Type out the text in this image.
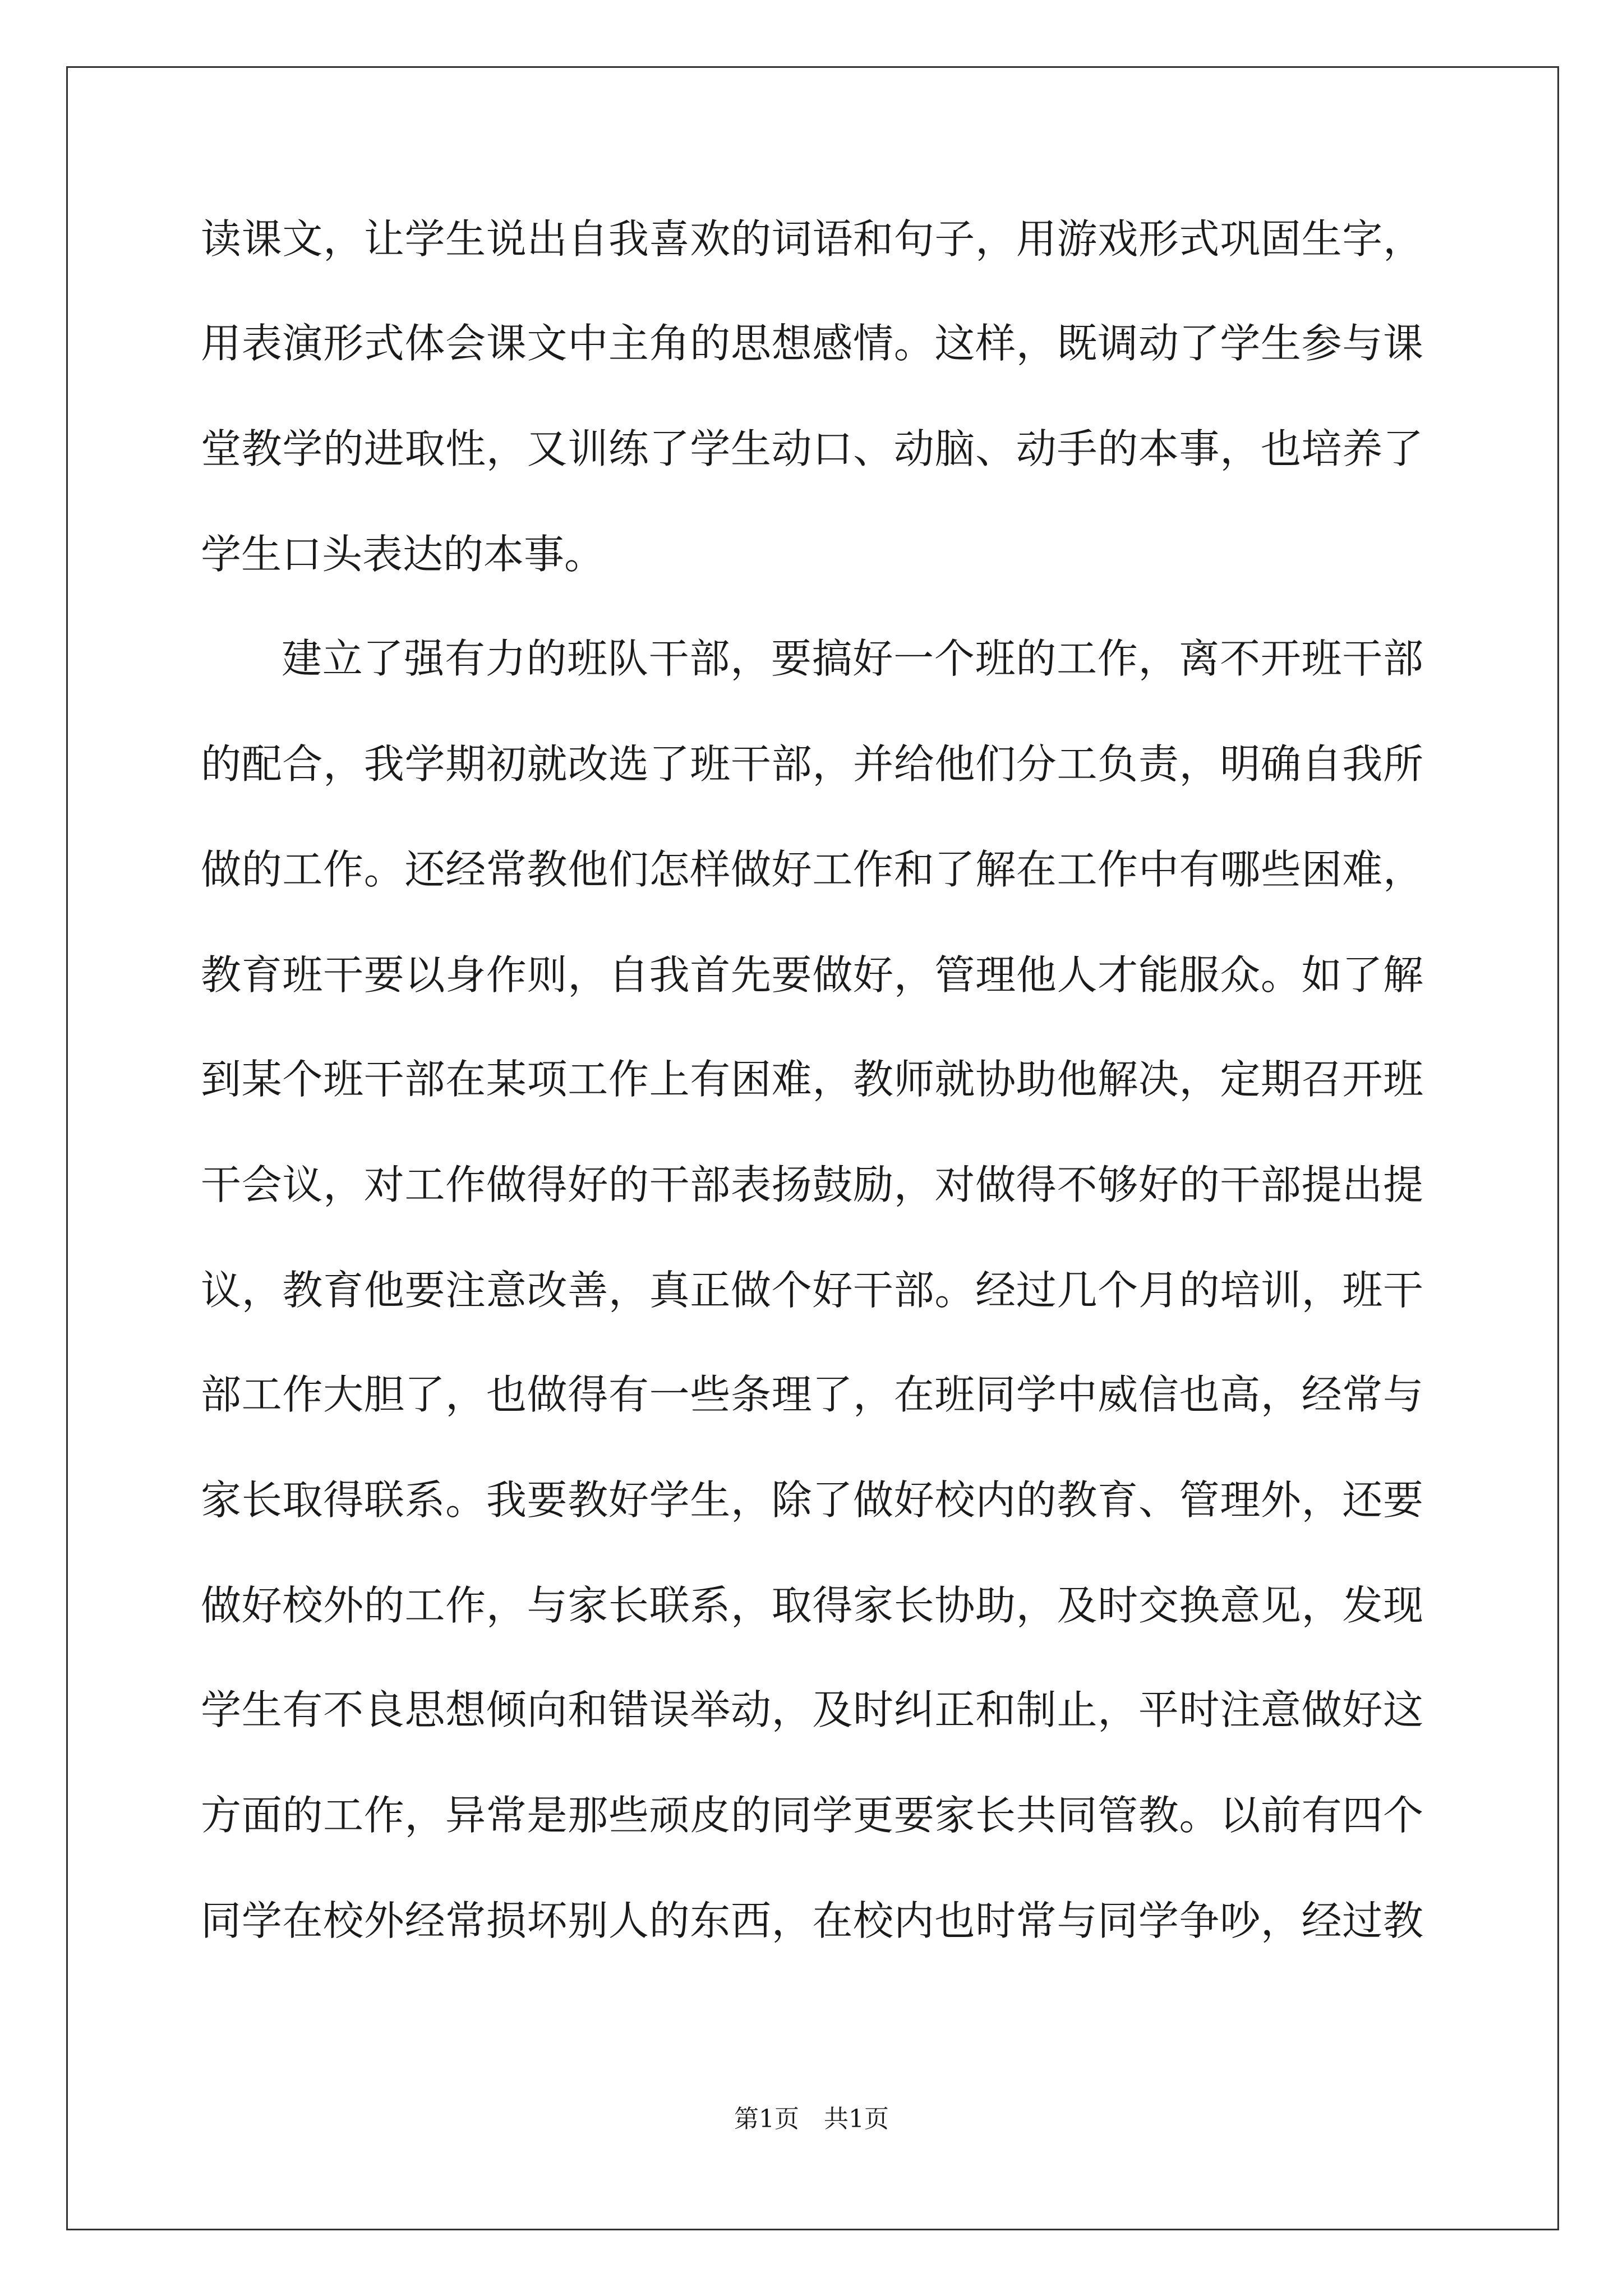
读课文，让学生说出自我喜欢的词语和句子，用游戏形式巩固生字，
用表演形式体会课文中主角的思想感情。这样，既调动了学生参与课
堂教学的进取性，又训练了学生动口、动脑、动手的本事，也培养了
学生口头表达的本事。
建立了强有力的班队干部，要搞好一个班的工作，离不开班干部
的配合，我学期初就改选了班干部，并给他们分工负责，明确自我所
做的工作。还经常教他们怎样做好工作和了解在工作中有哪些困难，
教育班干要以身作则，自我首先要做好，管理他人才能服众。如了解
到某个班干部在某项工作上有困难，教师就协助他解决，定期召开班
干会议，对工作做得好的干部表扬鼓励，对做得不够好的干部提出提
议，教育他要注意改善，真正做个好干部。经过几个月的培训，班干
部工作大胆了，也做得有一些条理了，在班同学中威信也高，经常与
家长取得联系。我要教好学生，除了做好校内的教育、管理外，还要
做好校外的工作，与家长联系，取得家长协助，及时交换意见，发现
学生有不良思想倾向和错误举动，及时纠正和制止，平时注意做好这
方面的工作，异常是那些顽皮的同学更要家长共同管教。以前有四个
同学在校外经常损坏别人的东西，在校内也时常与同学争吵，经过教
第1页　共1页
